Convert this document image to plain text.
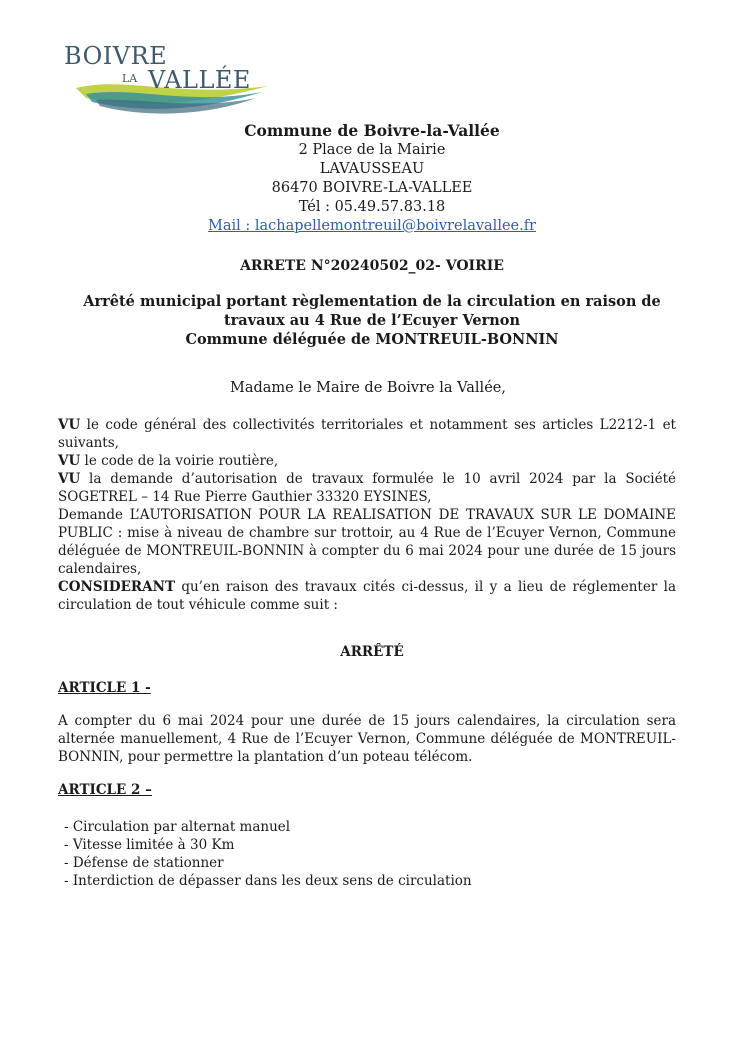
BOIVRE
LA VALLÉE
Commune de Boivre-la-Vallée
2 Place de la Mairie
LAVAUSSEAU
86470 BOIVRE-LA-VALLEE
Tél : 05.49.57.83.18
Mail : lachapellemontreuil@boivrelavallee.fr
ARRETE N°20240502_02- VOIRIE
Arrêté municipal portant règlementation de la circulation en raison de
travaux au 4 Rue de l’Ecuyer Vernon
Commune déléguée de MONTREUIL-BONNIN
Madame le Maire de Boivre la Vallée,

VU le code général des collectivités territoriales et notamment ses articles L2212-1 et suivants,

VU le code de la voirie routière,

VU la demande d’autorisation de travaux formulée le 10 avril 2024 par la Société SOGETREL – 14 Rue Pierre Gauthier 33320 EYSINES,

Demande L’AUTORISATION POUR LA REALISATION DE TRAVAUX SUR LE DOMAINE PUBLIC : mise à niveau de chambre sur trottoir, au 4 Rue de l’Ecuyer Vernon, Commune déléguée de MONTREUIL-BONNIN à compter du 6 mai 2024 pour une durée de 15 jours calendaires,

CONSIDERANT qu’en raison des travaux cités ci-dessus, il y a lieu de réglementer la circulation de tout véhicule comme suit :

ARRÊTÉ
ARTICLE 1 -
A compter du 6 mai 2024 pour une durée de 15 jours calendaires, la circulation sera alternée manuellement, 4 Rue de l’Ecuyer Vernon, Commune déléguée de MONTREUIL-BONNIN, pour permettre la plantation d’un poteau télécom.
ARTICLE 2 –
- Circulation par alternat manuel
- Vitesse limitée à 30 Km
- Défense de stationner
- Interdiction de dépasser dans les deux sens de circulation
